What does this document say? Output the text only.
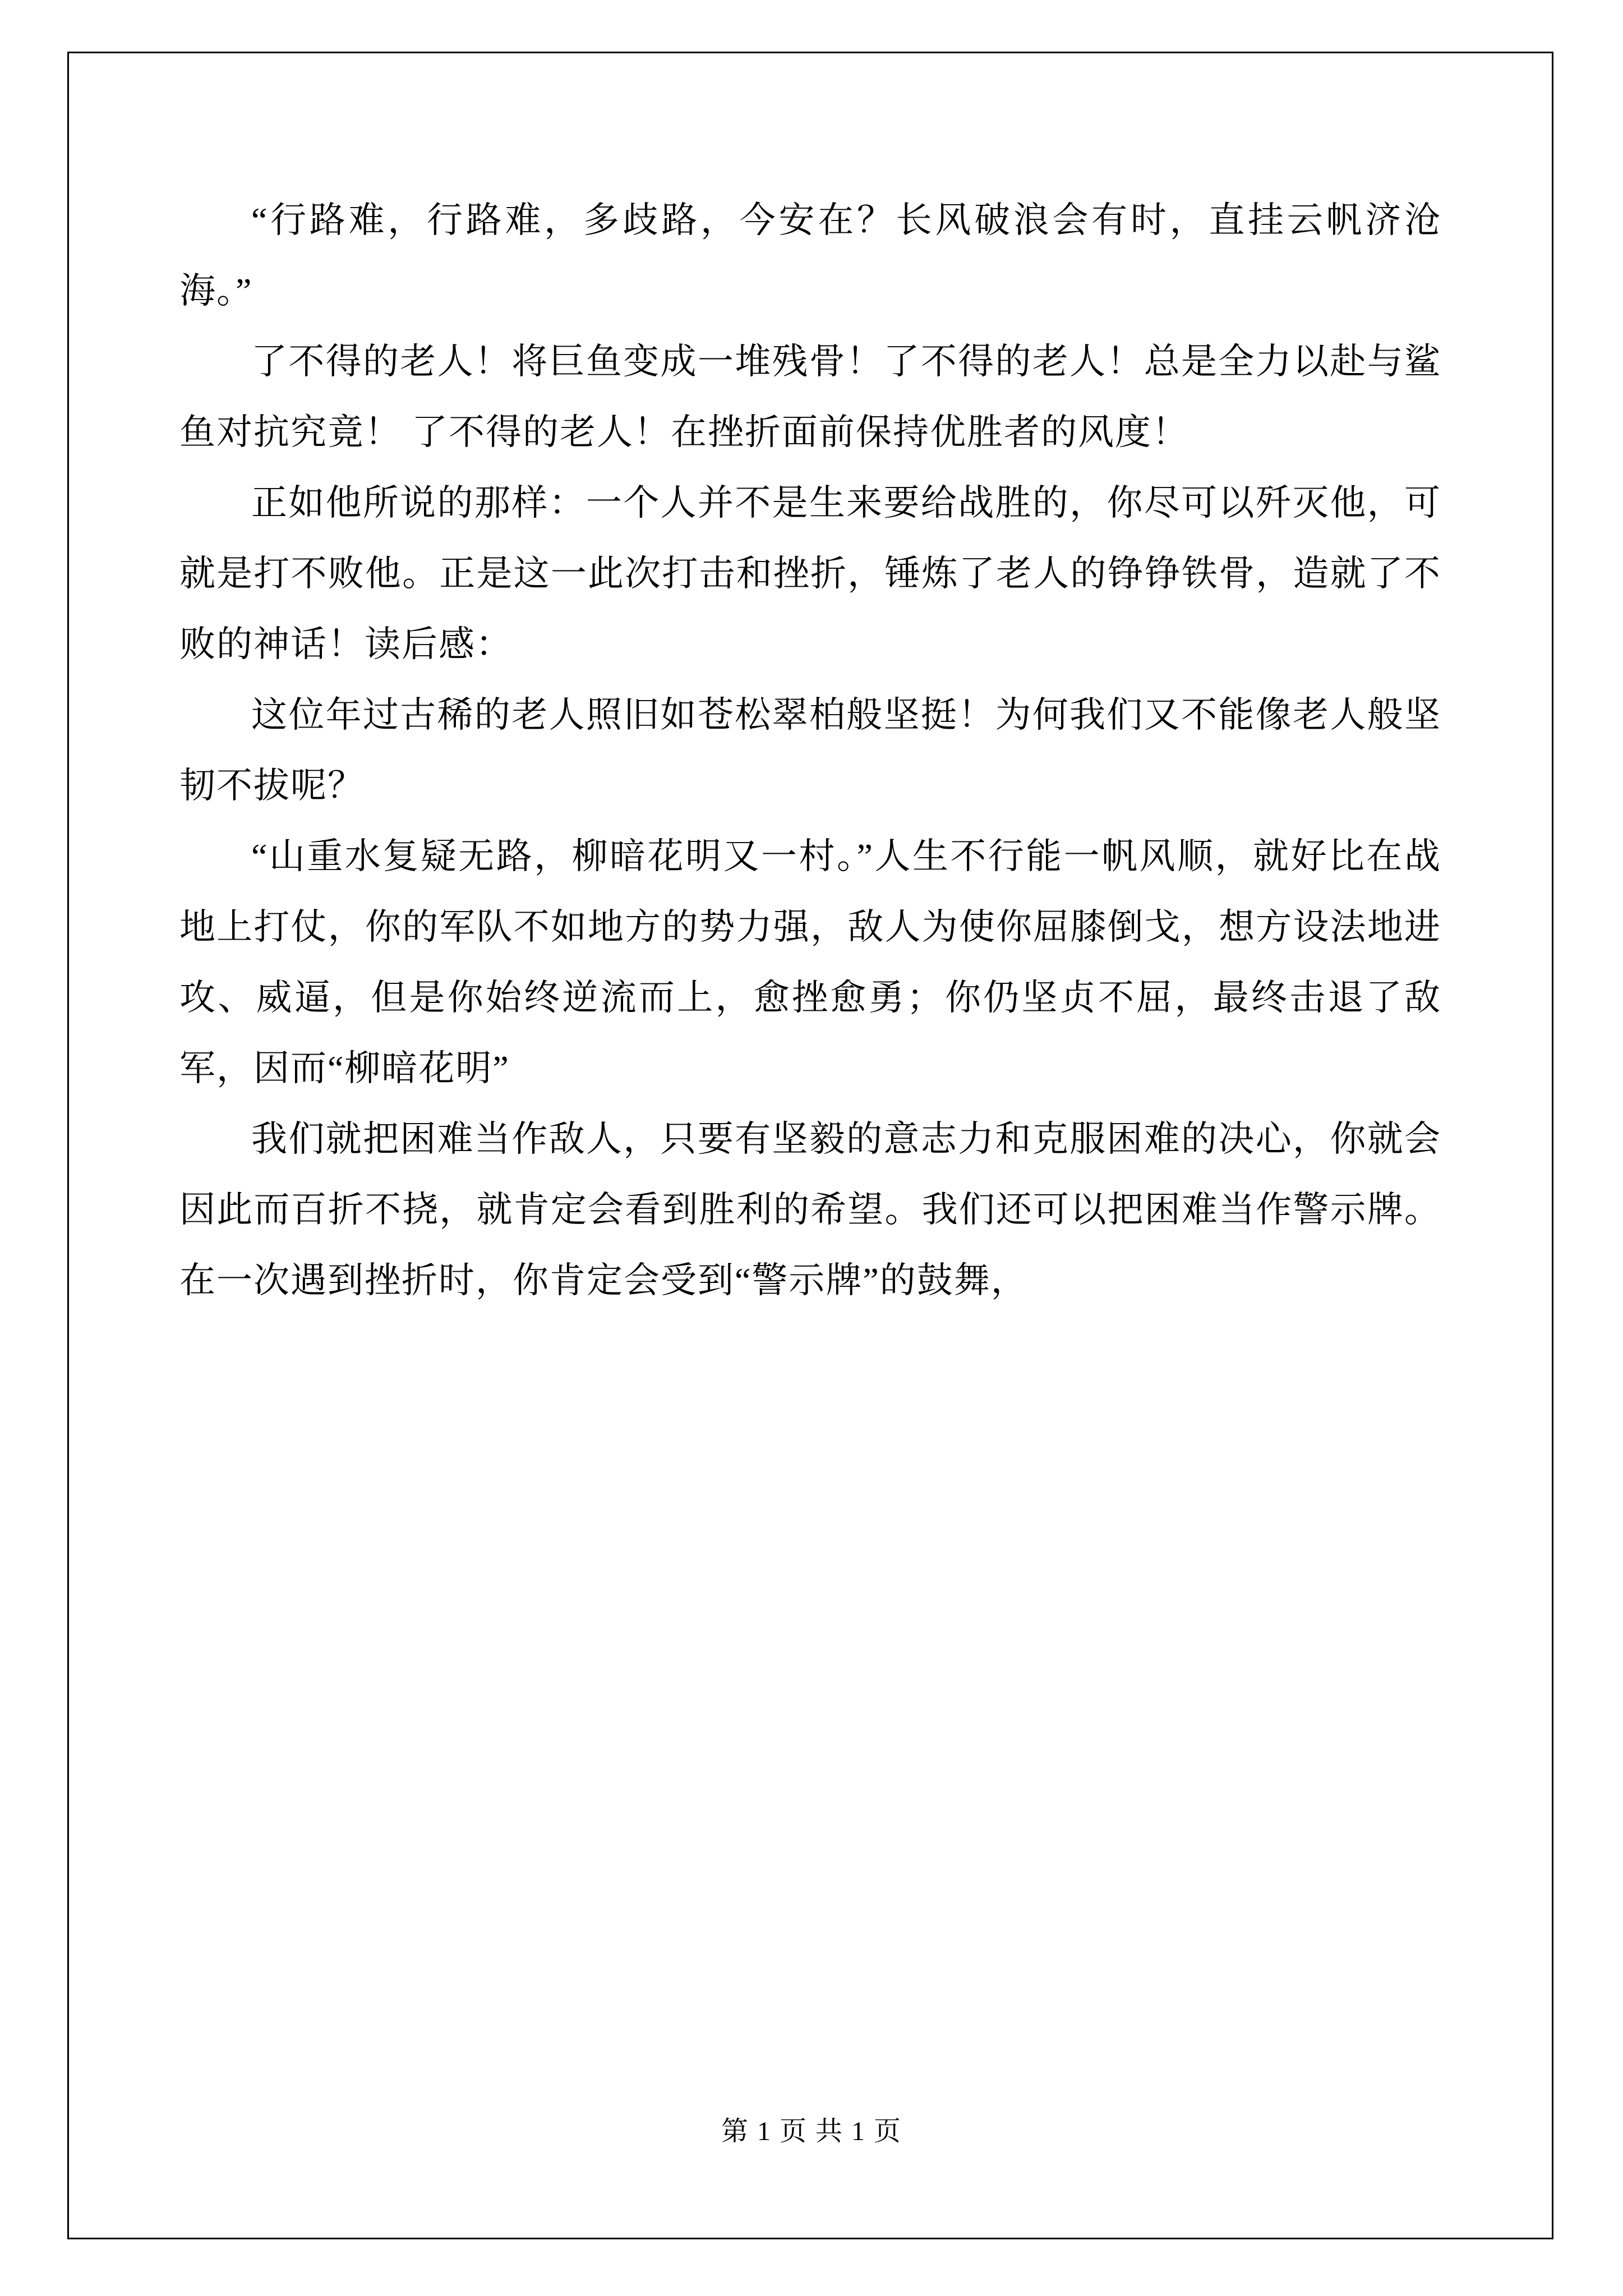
“行路难，行路难，多歧路，今安在？长风破浪会有时，直挂云帆济沧海。”

了不得的老人！将巨鱼变成一堆残骨！了不得的老人！总是全力以赴与鲨鱼对抗究竟！ 了不得的老人！在挫折面前保持优胜者的风度！

正如他所说的那样：一个人并不是生来要给战胜的，你尽可以歼灭他，可就是打不败他。正是这一此次打击和挫折，锤炼了老人的铮铮铁骨，造就了不败的神话！读后感：

这位年过古稀的老人照旧如苍松翠柏般坚挺！为何我们又不能像老人般坚韧不拔呢？

“山重水复疑无路，柳暗花明又一村。”人生不行能一帆风顺，就好比在战地上打仗，你的军队不如地方的势力强，敌人为使你屈膝倒戈，想方设法地进攻、威逼，但是你始终逆流而上，愈挫愈勇；你仍坚贞不屈，最终击退了敌军，因而“柳暗花明”

我们就把困难当作敌人，只要有坚毅的意志力和克服困难的决心，你就会因此而百折不挠，就肯定会看到胜利的希望。我们还可以把困难当作警示牌。在一次遇到挫折时，你肯定会受到“警示牌”的鼓舞，

第 1 页 共 1 页
